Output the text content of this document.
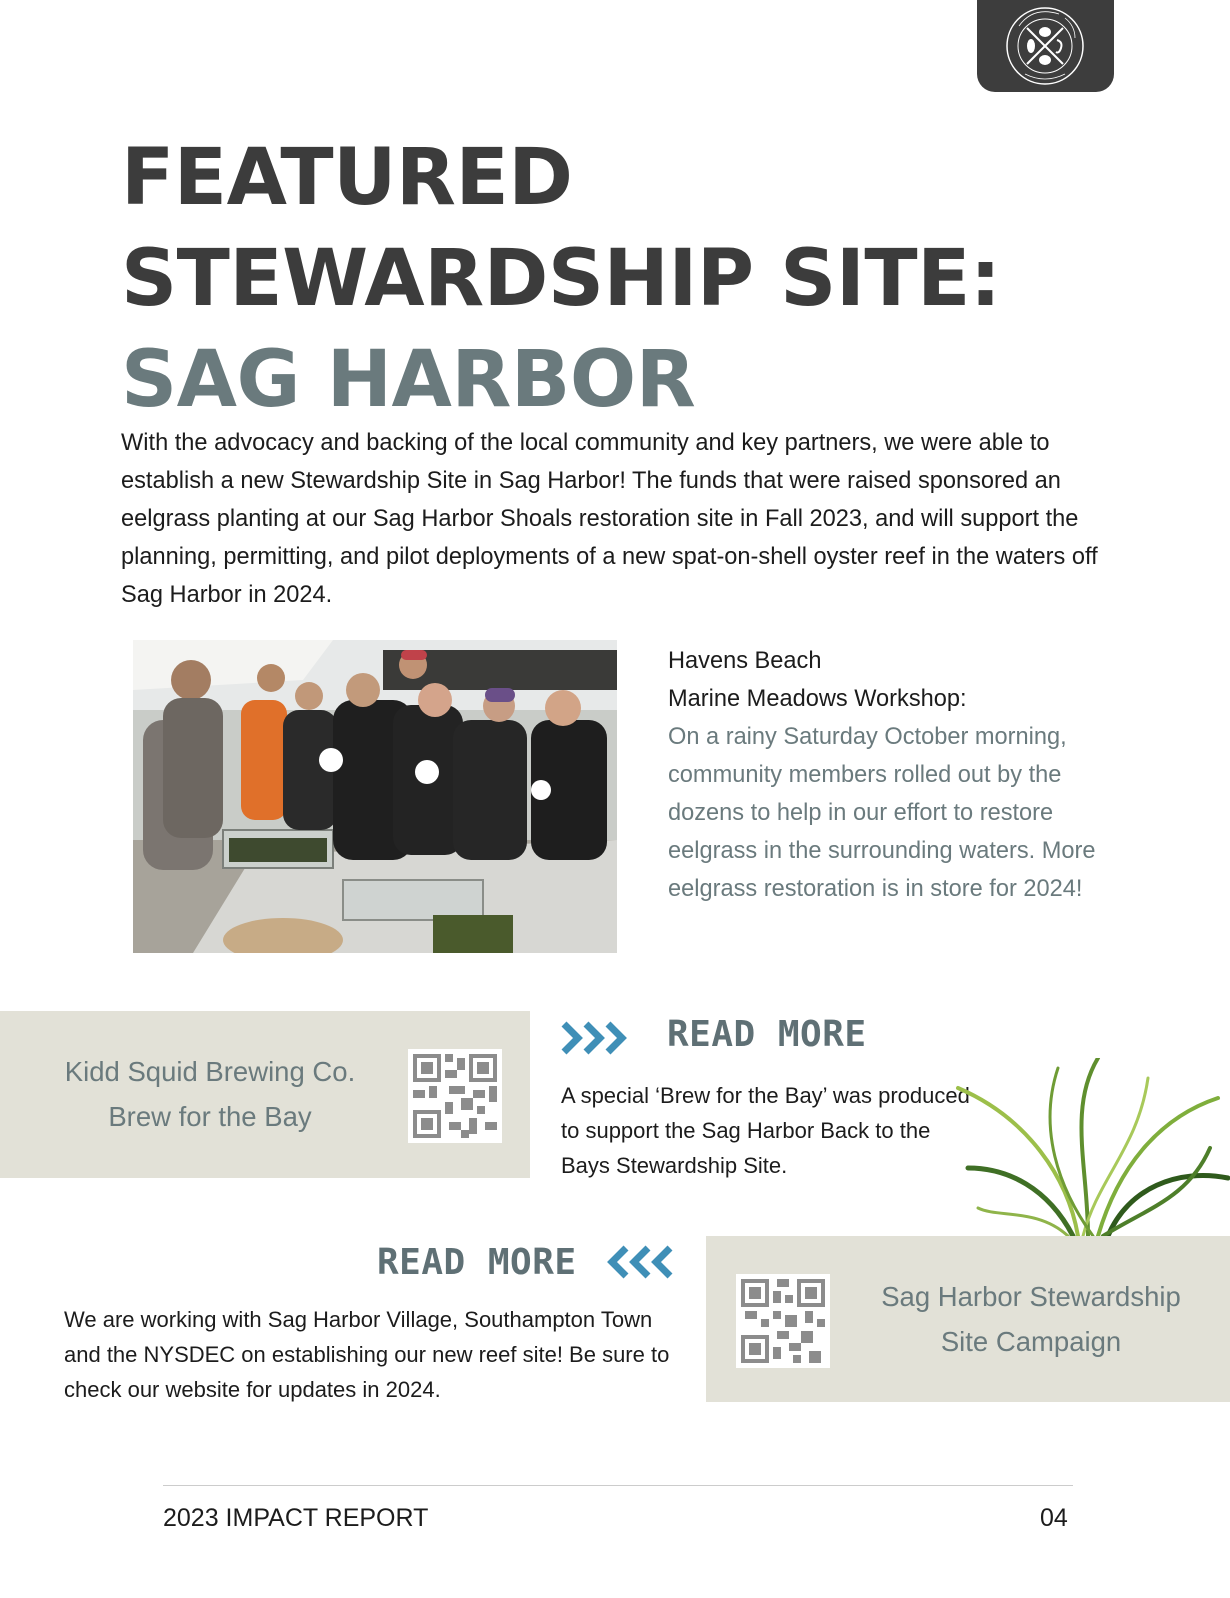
FEATURED
STEWARDSHIP SITE:
SAG HARBOR

With the advocacy and backing of the local community and key partners, we were able to establish a new Stewardship Site in Sag Harbor! The funds that were raised sponsored an eelgrass planting at our Sag Harbor Shoals restoration site in Fall 2023, and will support the planning, permitting, and pilot deployments of a new spat-on-shell oyster reef in the waters off Sag Harbor in 2024.

Havens Beach
Marine Meadows Workshop:
On a rainy Saturday October morning, community members rolled out by the dozens to help in our effort to restore eelgrass in the surrounding waters. More eelgrass restoration is in store for 2024!
Kidd Squid Brewing Co.
Brew for the Bay
READ MORE

A special ‘Brew for the Bay’ was produced to support the Sag Harbor Back to the Bays Stewardship Site.

READ MORE

We are working with Sag Harbor Village, Southampton Town and the NYSDEC on establishing our new reef site! Be sure to check our website for updates in 2024.

Sag Harbor Stewardship
Site Campaign
2023 IMPACT REPORT	04
